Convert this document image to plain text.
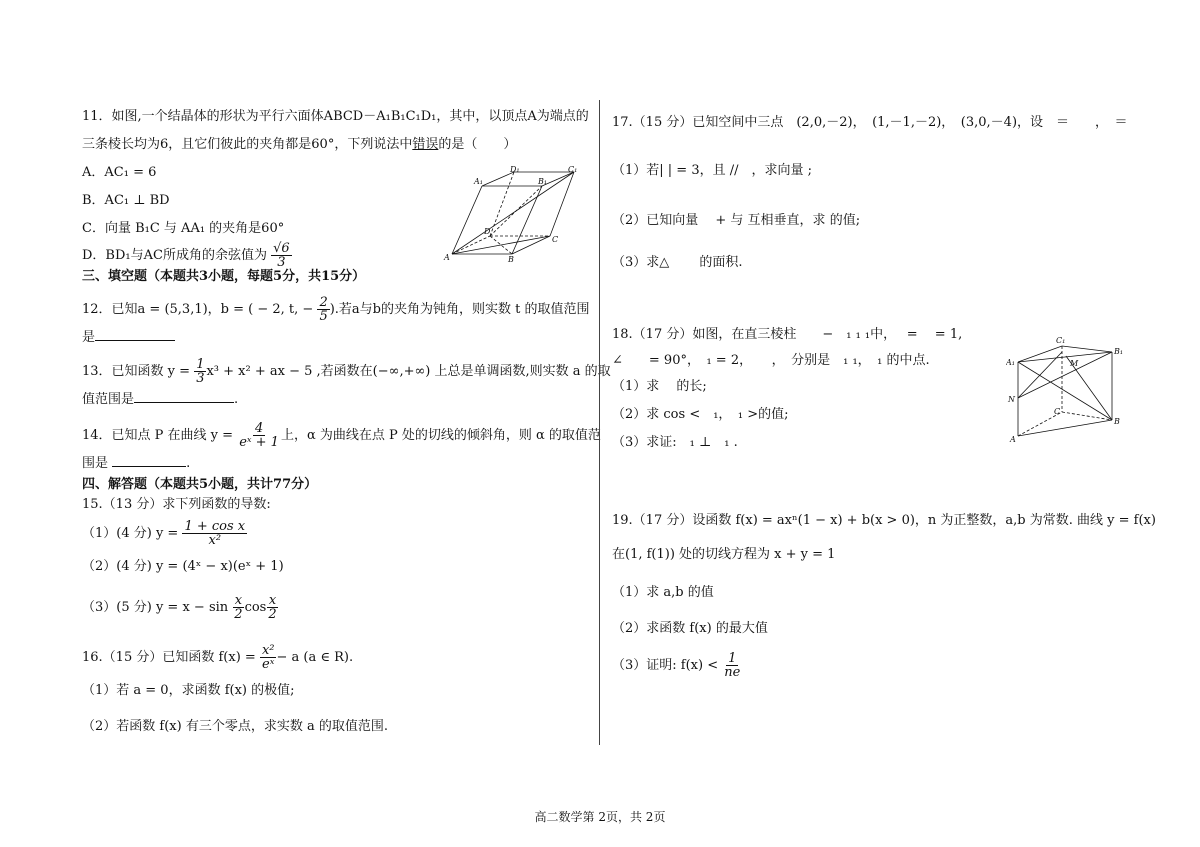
11．如图,一个结晶体的形状为平行六面体ABCD－A₁B₁C₁D₁，其中，以顶点A为端点的
三条棱长均为6，且它们彼此的夹角都是60°，下列说法中错误的是（　　）
A．AC₁ = 6
B．AC₁ ⊥ BD
C．向量 B₁C 与 AA₁ 的夹角是60°
D．BD₁与AC所成角的余弦值为 $\frac{√6}{3}$
A₁
D₁
B₁
C₁
D
C
A	B
三、填空题（本题共3小题，每题5分，共15分）
12．已知a = (5,3,1)，b = ( − 2, t, − $\frac{2}{5}$ ).若a与b的夹角为钝角，则实数 t 的取值范围
是
13．已知函数 $y = \frac{1}{3} x^3 + x^2$ + ax − 5 ,若函数在(−∞,+∞) 上总是单调函数,则实数 a 的取
值范围是	.
14．已知点 P 在曲线 $y = \frac{4}{\text{eˣ + 1}}$ 上，α 为曲线在点 P 处的切线的倾斜角，则 α 的取值范
围是	.
四、解答题（本题共5小题，共计77分）
15.（13 分）求下列函数的导数:
（1）(4 分) $y = \frac{\text{1 + cos x}}{\text{x²}}$
（2）(4 分) y = (4ˣ − x)(eˣ + 1)
（3）(5 分) $y = x - \sin \frac{x}{2}$ $\cos \frac{x}{2}$
16.（15 分）已知函数 $f(x) = \frac{\text{x²}}{\text{eˣ}} - a$ (a ∈ R).
（1）若 a = 0，求函数 f(x) 的极值;
（2）若函数 f(x) 有三个零点，求实数 a 的取值范围.
17.（15 分）已知空间中三点　(2,0,－2)，　(1,－1,－2)，　(3,0,－4)，设　＝　　，　＝
（1）若| | = 3，且 //　，求向量 ;
（2）已知向量　 + 与 互相垂直，求 的值;
（3）求△　　 的面积.
18.（17 分）如图，在直三棱柱　　−　₁ ₁ ₁中，　 =　 = 1,
∠　　= 90°，　₁ = 2，　　，　分别是　₁ ₁，　₁ 的中点.
（1）求　 的长;
（2）求 cos <　₁，　₁ >的值;
（3）求证:　₁ ⊥　₁ .
C₁
A₁
B₁
M
N
C
A
B
19.（17 分）设函数 f(x) = axⁿ(1 − x) + b(x > 0)，n 为正整数，a,b 为常数. 曲线 y = f(x)
在(1, f(1)) 处的切线方程为 x + y = 1
（1）求 a,b 的值
（2）求函数 f(x) 的最大值
（3）证明: $f(x) < \frac{1}{ne}$
高二数学第 2页，共 2页
